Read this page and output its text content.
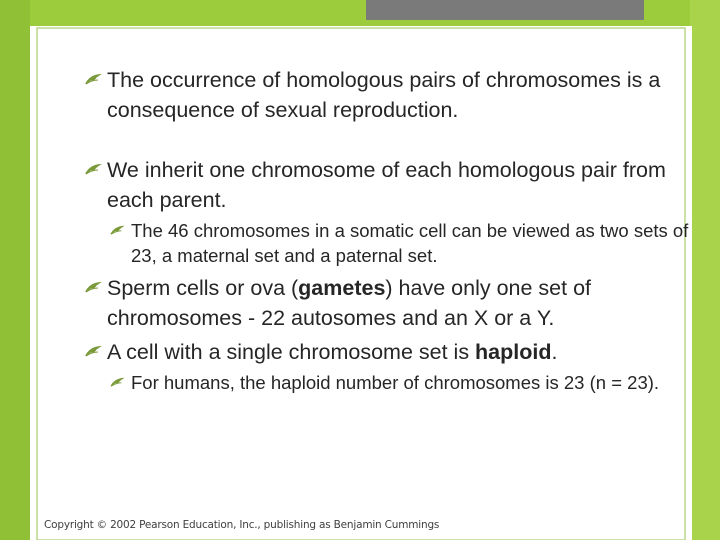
The occurrence of homologous pairs of chromosomes is a consequence of sexual reproduction.
We inherit one chromosome of each homologous pair from each parent.
The 46 chromosomes in a somatic cell can be viewed as two sets of 23, a maternal set and a paternal set.
Sperm cells or ova (gametes) have only one set of chromosomes - 22 autosomes and an X or a Y.
A cell with a single chromosome set is haploid.
For humans, the haploid number of chromosomes is 23 (n = 23).
Copyright © 2002 Pearson Education, Inc., publishing as Benjamin Cummings
